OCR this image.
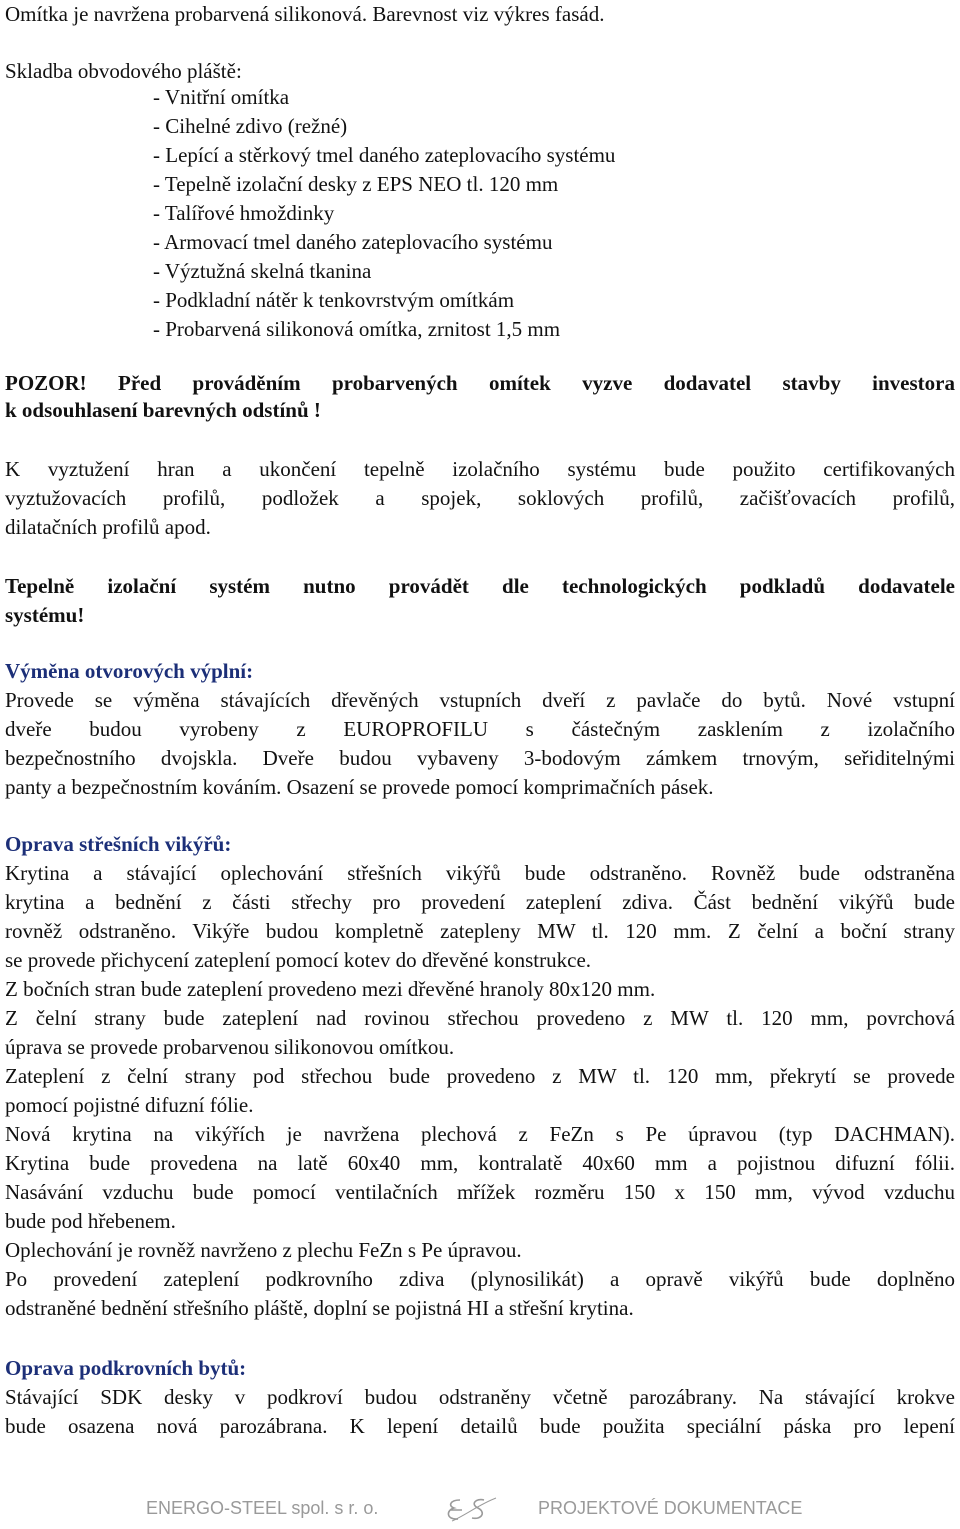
Omítka je navržena probarvená silikonová. Barevnost viz výkres fasád.
Skladba obvodového pláště:
- Vnitřní omítka
- Cihelné zdivo (režné)
- Lepící a stěrkový tmel daného zateplovacího systému
- Tepelně izolační desky z EPS NEO tl. 120 mm
- Talířové hmoždinky
- Armovací tmel daného zateplovacího systému
- Výztužná skelná tkanina
- Podkladní nátěr k tenkovrstvým omítkám
- Probarvená silikonová omítka, zrnitost 1,5 mm
POZOR! Před prováděním probarvených omítek vyzve dodavatel stavby investora
k odsouhlasení barevných odstínů !
K vyztužení hran a ukončení tepelně izolačního systému bude použito certifikovaných
vyztužovacích profilů, podložek a spojek, soklových profilů, začišťovacích profilů,
dilatačních profilů apod.
Tepelně izolační systém nutno provádět dle technologických podkladů dodavatele
systému!
Výměna otvorových výplní:
Provede se výměna stávajících dřevěných vstupních dveří z pavlače do bytů. Nové vstupní
dveře budou vyrobeny z EUROPROFILU s částečným zasklením z izolačního
bezpečnostního dvojskla. Dveře budou vybaveny 3-bodovým zámkem trnovým, seřiditelnými
panty a bezpečnostním kováním. Osazení se provede pomocí komprimačních pásek.
Oprava střešních vikýřů:
Krytina a stávající oplechování střešních vikýřů bude odstraněno. Rovněž bude odstraněna
krytina a bednění z části střechy pro provedení zateplení zdiva. Část bednění vikýřů bude
rovněž odstraněno. Vikýře budou kompletně zatepleny MW tl. 120 mm. Z čelní a boční strany
se provede přichycení zateplení pomocí kotev do dřevěné konstrukce.
Z bočních stran bude zateplení provedeno mezi dřevěné hranoly 80x120 mm.
Z čelní strany bude zateplení nad rovinou střechou provedeno z MW tl. 120 mm, povrchová
úprava se provede probarvenou silikonovou omítkou.
Zateplení z čelní strany pod střechou bude provedeno z MW tl. 120 mm, překrytí se provede
pomocí pojistné difuzní fólie.
Nová krytina na vikýřích je navržena plechová z FeZn s Pe úpravou (typ DACHMAN).
Krytina bude provedena na latě 60x40 mm, kontralatě 40x60 mm a pojistnou difuzní fólii.
Nasávání vzduchu bude pomocí ventilačních mřížek rozměru 150 x 150 mm, vývod vzduchu
bude pod hřebenem.
Oplechování je rovněž navrženo z plechu FeZn s Pe úpravou.
Po provedení zateplení podkrovního zdiva (plynosilikát) a opravě vikýřů bude doplněno
odstraněné bednění střešního pláště, doplní se pojistná HI a střešní krytina.
Oprava podkrovních bytů:
Stávající SDK desky v podkroví budou odstraněny včetně parozábrany. Na stávající krokve
bude osazena nová parozábrana. K lepení detailů bude použita speciální páska pro lepení
ENERGO-STEEL spol. s r. o.	PROJEKTOVÉ DOKUMENTACE
